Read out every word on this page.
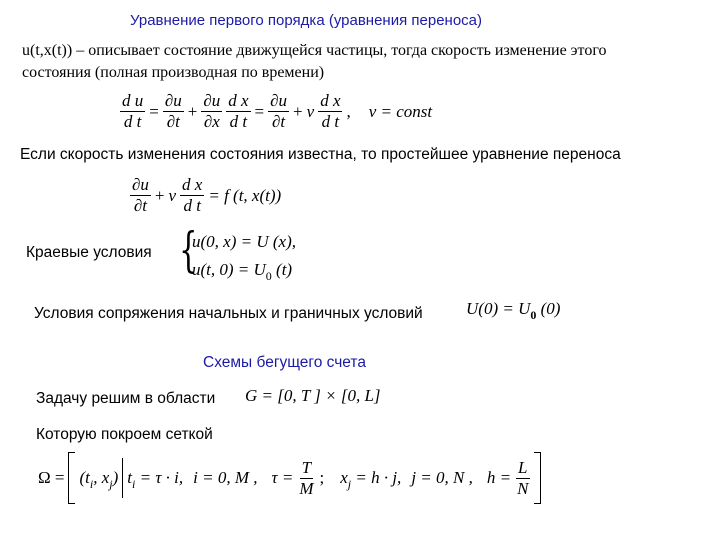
Уравнение первого порядка (уравнения переноса)
u(t,x(t)) – описывает состояние движущейся частицы, тогда скорость изменение этого
состояния (полная производная по времени)
$\frac{\text{d u}}{\text{d t}} = \frac{\partial u}{\partial t} + \frac{\partial u}{\partial x} \frac{\text{d x}}{\text{d t}} = \frac{\partial u}{\partial t} + v \frac{\text{d x}}{\text{d t}}$ , v = const
Если скорость изменения состояния известна, то простейшее уравнение переноса
$\frac{\partial u}{\partial t} + v \frac{\text{d x}}{\text{d t}} = f$ (t, x(t))
Краевые условия {
u(0, x) = U (x),
u(t, $0) = U_0$ (t)
Условия сопряжения начальных и граничных условий	$U(0) = U_0$ (0)
Схемы бегущего счета
Задачу решим в области G = [0, T ] × [0, L]
Которую покроем сеткой
$\Omega = (t_i$, $x_j$) $t_i = \tau \cdot i$, i = 0, M , $\tau = \frac{T}{M}$ ; $x_j = h \cdot j$, j = 0, N , $h = \frac{L}{N}$
